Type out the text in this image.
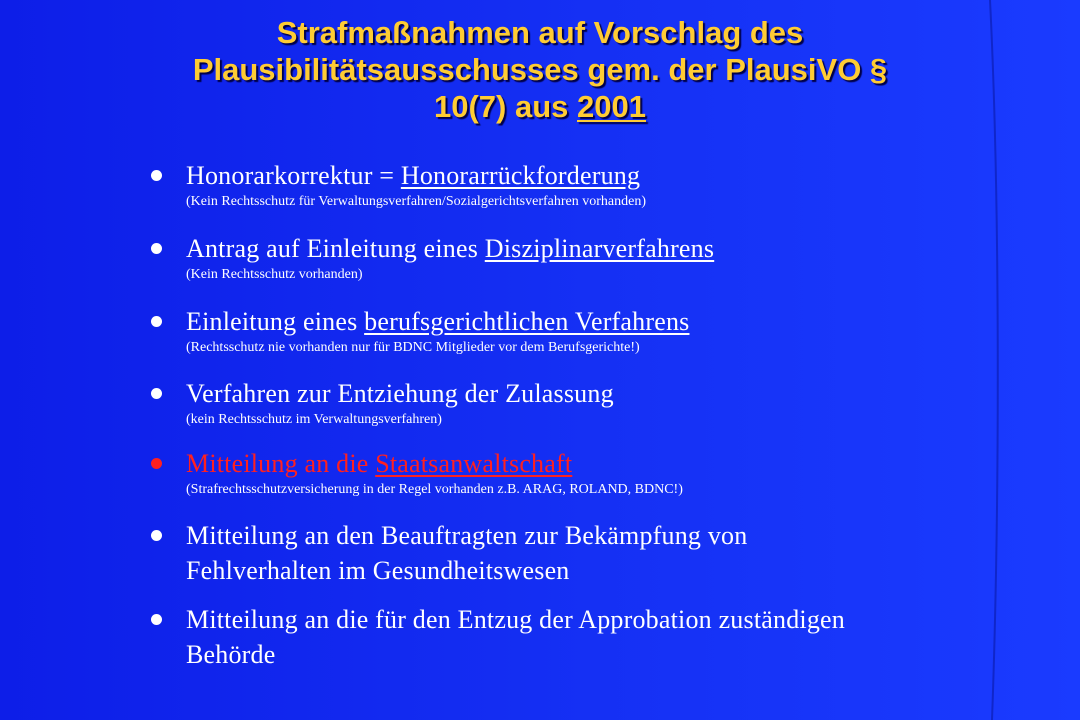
Strafmaßnahmen auf Vorschlag des
Plausibilitätsausschusses gem. der PlausiVO §
10(7) aus 2001
Honorarkorrektur = Honorarrückforderung
(Kein Rechtsschutz für Verwaltungsverfahren/Sozialgerichtsverfahren vorhanden)
Antrag auf Einleitung eines Disziplinarverfahrens
(Kein Rechtsschutz vorhanden)
Einleitung eines berufsgerichtlichen Verfahrens
(Rechtsschutz nie vorhanden nur für BDNC Mitglieder vor dem Berufsgerichte!)
Verfahren zur Entziehung der Zulassung
(kein Rechtsschutz im Verwaltungsverfahren)
Mitteilung an die Staatsanwaltschaft
(Strafrechtsschutzversicherung in der Regel vorhanden z.B. ARAG, ROLAND, BDNC!)
Mitteilung an den Beauftragten zur Bekämpfung von Fehlverhalten im Gesundheitswesen
Mitteilung an die für den Entzug der Approbation zuständigen Behörde
